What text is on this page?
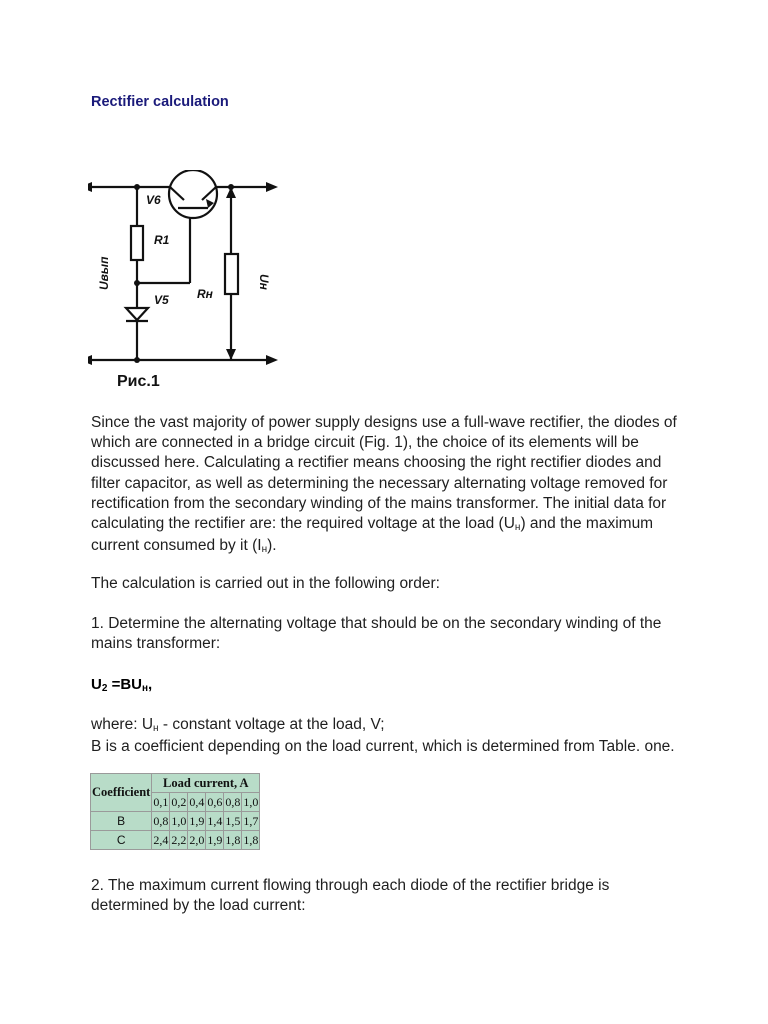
Rectifier calculation
V6
R1
V5 Rн
Uвып	Uн
Рис.1
Since the vast majority of power supply designs use a full-wave rectifier, the diodes of which are connected in a bridge circuit (Fig. 1), the choice of its elements will be discussed here. Calculating a rectifier means choosing the right rectifier diodes and filter capacitor, as well as determining the necessary alternating voltage removed for rectification from the secondary winding of the mains transformer. The initial data for calculating the rectifier are: the required voltage at the load $(U_н)$ and the maximum current consumed by it $(I_н)$.
The calculation is carried out in the following order:
1. Determine the alternating voltage that should be on the secondary winding of the mains transformer:
$U_2 =BU_н$,
where: $U_н$ - constant voltage at the load, V;
B is a coefficient depending on the load current, which is determined from Table. one.
Coefficient	Load current, A					
	0,1	0,2	0,4	0,6	0,8	1,0
B	0,8	1,0	1,9	1,4	1,5	1,7
C	2,4	2,2	2,0	1,9	1,8	1,8
2. The maximum current flowing through each diode of the rectifier bridge is determined by the load current:
